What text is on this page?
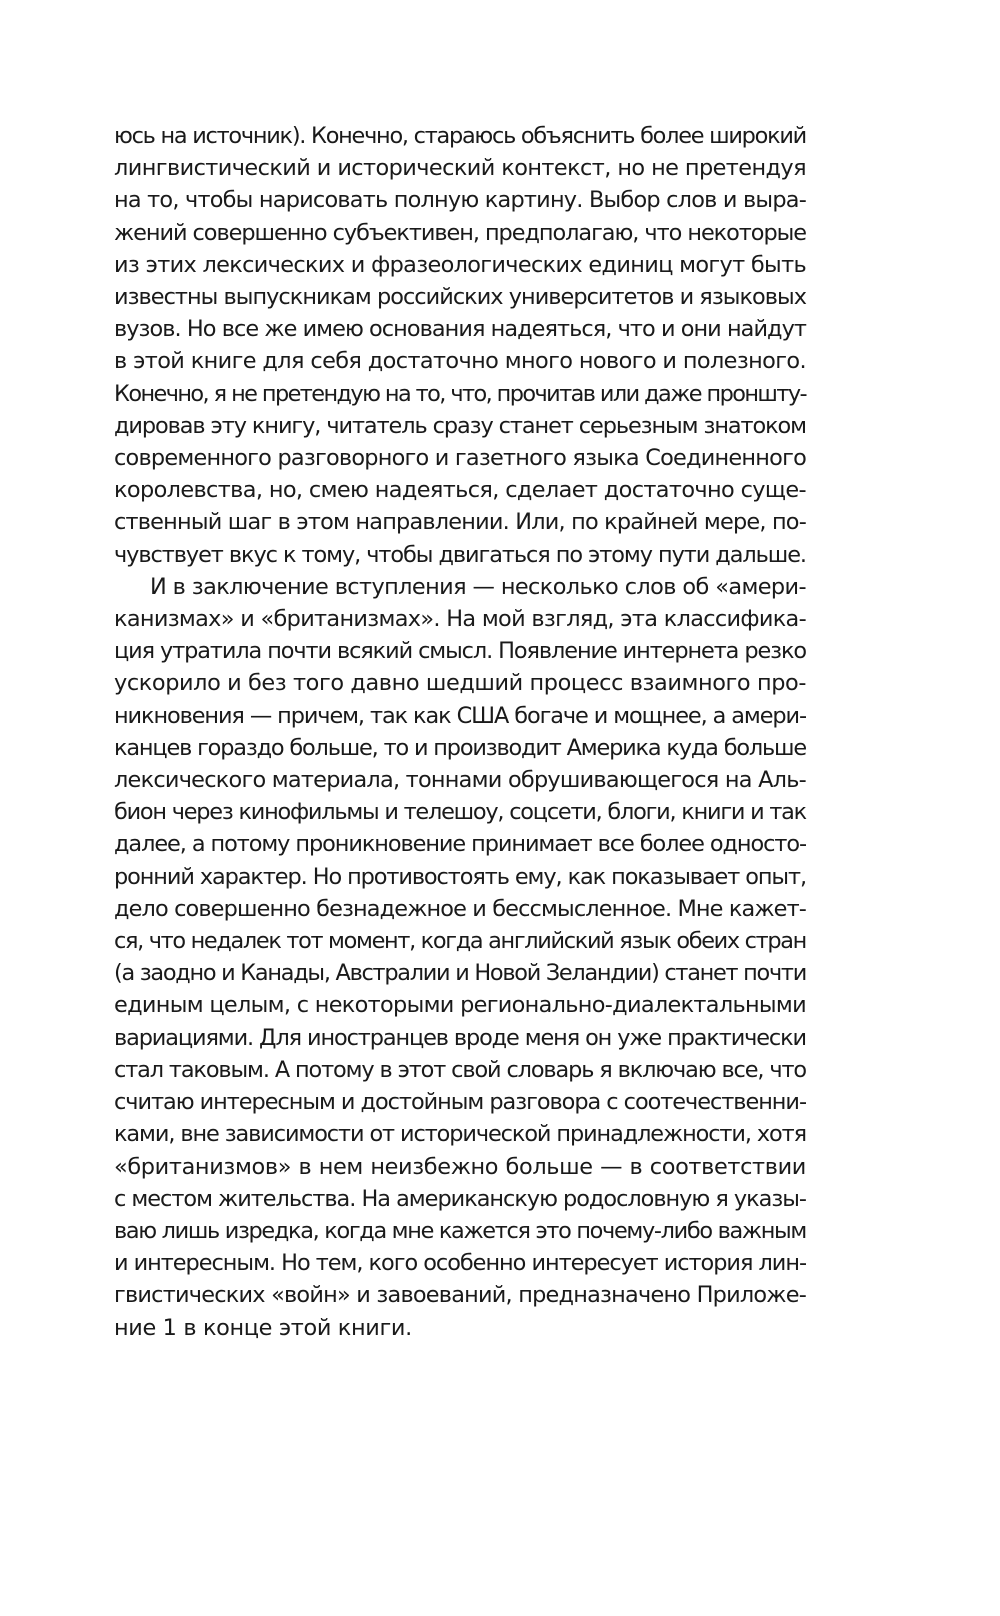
юсь на источник). Конечно, стараюсь объяснить более широкий
лингвистический и исторический контекст, но не претендуя
на то, чтобы нарисовать полную картину. Выбор слов и выра-
жений совершенно субъективен, предполагаю, что некоторые
из этих лексических и фразеологических единиц могут быть
известны выпускникам российских университетов и языковых
вузов. Но все же имею основания надеяться, что и они найдут
в этой книге для себя достаточно много нового и полезного.
Конечно, я не претендую на то, что, прочитав или даже проншту-
дировав эту книгу, читатель сразу станет серьезным знатоком
современного разговорного и газетного языка Соединенного
королевства, но, смею надеяться, сделает достаточно суще-
ственный шаг в этом направлении. Или, по крайней мере, по-
чувствует вкус к тому, чтобы двигаться по этому пути дальше.
И в заключение вступления — несколько слов об «амери-
канизмах» и «британизмах». На мой взгляд, эта классифика-
ция утратила почти всякий смысл. Появление интернета резко
ускорило и без того давно шедший процесс взаимного про-
никновения — причем, так как США богаче и мощнее, а амери-
канцев гораздо больше, то и производит Америка куда больше
лексического материала, тоннами обрушивающегося на Аль-
бион через кинофильмы и телешоу, соцсети, блоги, книги и так
далее, а потому проникновение принимает все более односто-
ронний характер. Но противостоять ему, как показывает опыт,
дело совершенно безнадежное и бессмысленное. Мне кажет-
ся, что недалек тот момент, когда английский язык обеих стран
(а заодно и Канады, Австралии и Новой Зеландии) станет почти
единым целым, с некоторыми регионально-диалектальными
вариациями. Для иностранцев вроде меня он уже практически
стал таковым. А потому в этот свой словарь я включаю все, что
считаю интересным и достойным разговора с соотечественни-
ками, вне зависимости от исторической принадлежности, хотя
«британизмов» в нем неизбежно больше — в соответствии
с местом жительства. На американскую родословную я указы-
ваю лишь изредка, когда мне кажется это почему-либо важным
и интересным. Но тем, кого особенно интересует история лин-
гвистических «войн» и завоеваний, предназначено Приложе-
ние 1 в конце этой книги.
